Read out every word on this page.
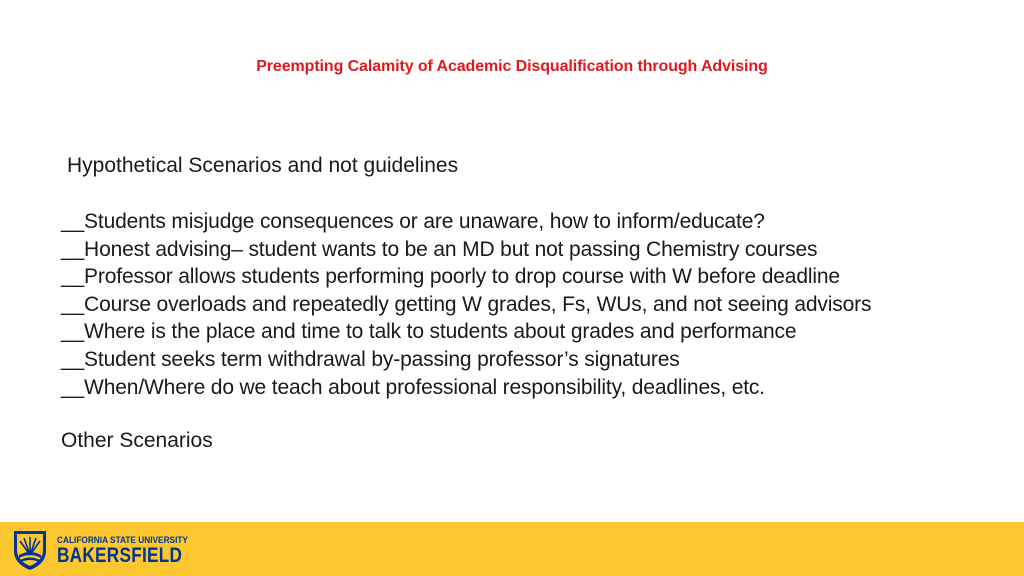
Preempting Calamity of Academic Disqualification through Advising
Hypothetical Scenarios and not guidelines
__Students misjudge consequences or are unaware, how to inform/educate?
__Honest advising– student wants to be an MD but not passing Chemistry courses
__Professor allows students performing poorly to drop course with W before deadline
__Course overloads and repeatedly getting W grades, Fs, WUs, and not seeing advisors
__Where is the place and time to talk to students about grades and performance
__Student seeks term withdrawal by-passing professor’s signatures
__When/Where do we teach about professional responsibility, deadlines, etc.
Other Scenarios
CALIFORNIA STATE UNIVERSITY
BAKERSFIELD
